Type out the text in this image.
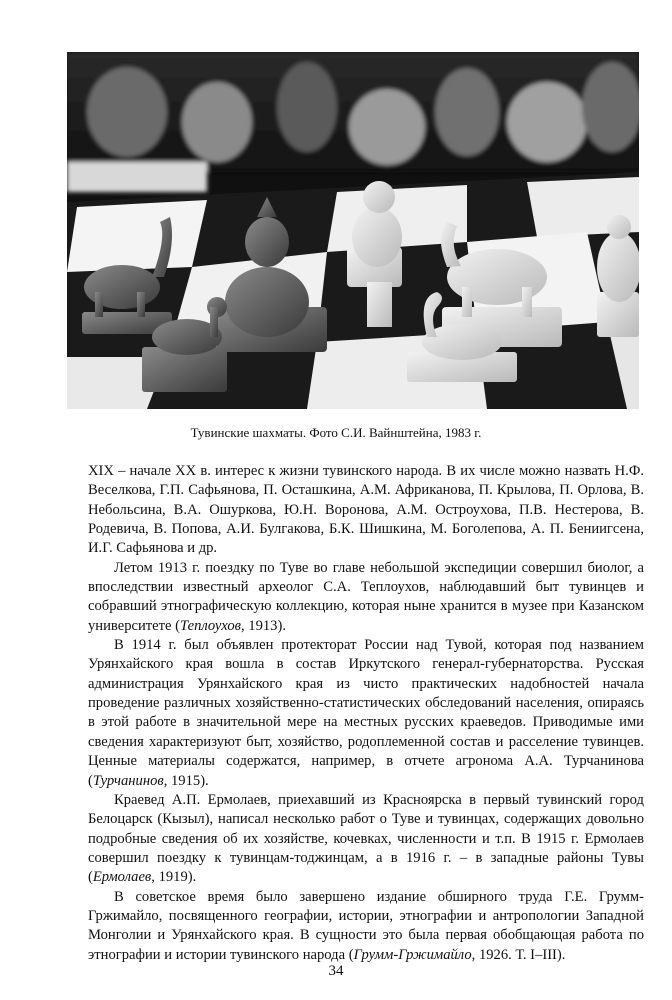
Тувинские шахматы. Фото С.И. Вайнштейна, 1983 г.

XIX – начале XX в. интерес к жизни тувинского народа. В их числе можно назвать Н.Ф. Веселкова, Г.П. Сафьянова, П. Осташкина, А.М. Африканова, П. Крылова, П. Орлова, В. Небольсина, В.А. Ошуркова, Ю.Н. Воронова, А.М. Остроухова, П.В. Нестерова, В. Родевича, В. Попова, А.И. Булгакова, Б.К. Шишкина, М. Боголепова, А. П. Бениигсена, И.Г. Сафьянова и др.

Летом 1913 г. поездку по Туве во главе небольшой экспедиции совершил биолог, а впоследствии известный археолог С.А. Теплоухов, наблюдавший быт тувинцев и собравший этнографическую коллекцию, которая ныне хранится в музее при Казанском университете (Теплоухов, 1913).

В 1914 г. был объявлен протекторат России над Тувой, которая под названием Урянхайского края вошла в состав Иркутского генерал-губернаторства. Русская администрация Урянхайского края из чисто практических надобностей начала проведение различных хозяйственно-статистических обследований населения, опираясь в этой работе в значительной мере на местных русских краеведов. Приводимые ими сведения характеризуют быт, хозяйство, родоплеменной состав и расселение тувинцев. Ценные материалы содержатся, например, в отчете агронома А.А. Турчанинова (Турчанинов, 1915).

Краевед А.П. Ермолаев, приехавший из Красноярска в первый тувинский город Белоцарск (Кызыл), написал несколько работ о Туве и тувинцах, содержащих довольно подробные сведения об их хозяйстве, кочевках, численности и т.п. В 1915 г. Ермолаев совершил поездку к тувинцам-тоджинцам, а в 1916 г. – в западные районы Тувы (Ермолаев, 1919).

В советское время было завершено издание обширного труда Г.Е. Грумм-Гржимайло, посвященного географии, истории, этнографии и антропологии Западной Монголии и Урянхайского края. В сущности это была первая обобщающая работа по этнографии и истории тувинского народа (Грумм-Гржимайло, 1926. Т. I–III).

34
